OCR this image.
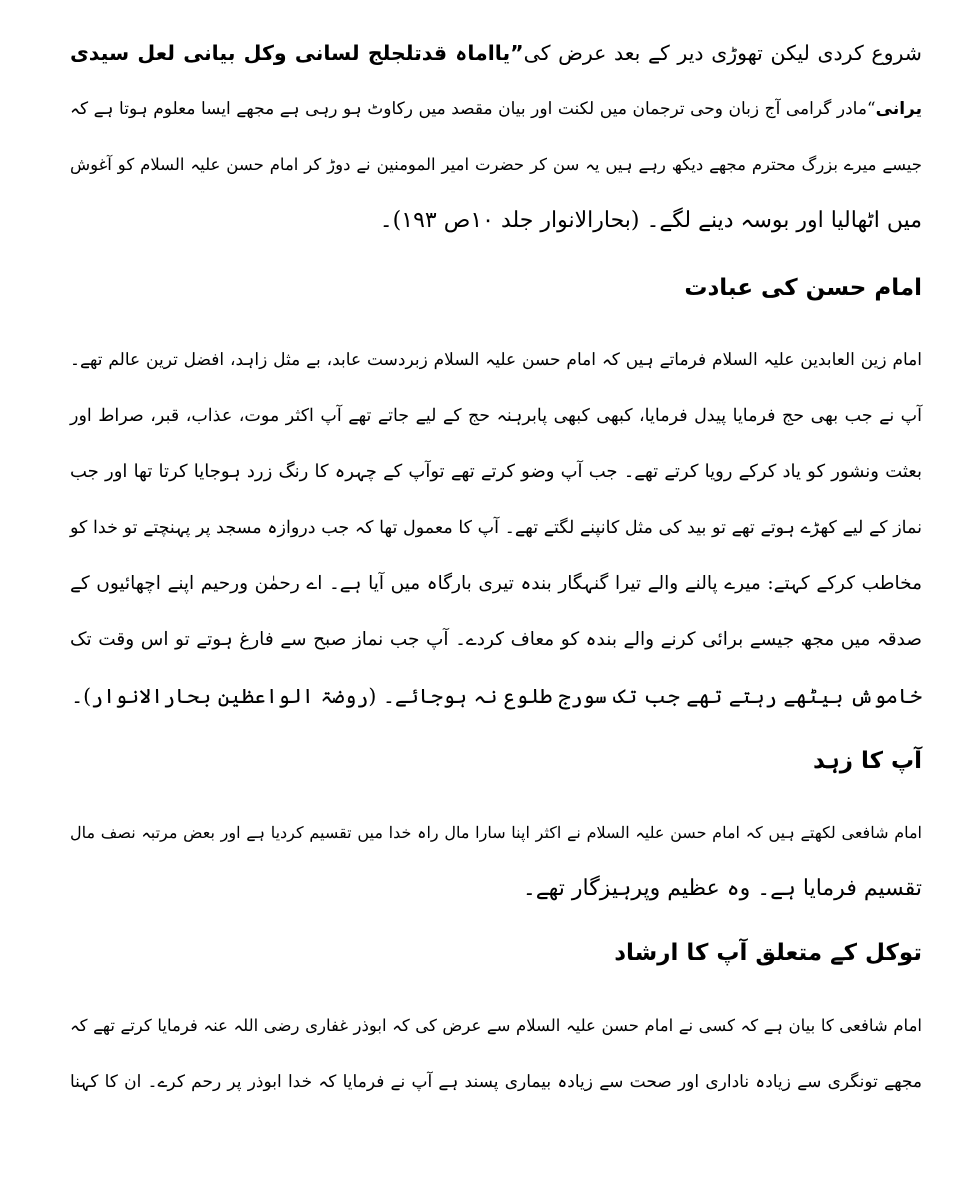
شروع کردی لیکن تھوڑی دیر کے بعد عرض کی”یااماہ قدتلجلج لسانی وکل بیانی لعل سیدی
یرانی“مادر گرامی آج زبان وحی ترجمان میں لکنت اور بیان مقصد میں رکاوٹ ہو رہی ہے مجھے ایسا معلوم ہوتا ہے کہ
جیسے میرے بزرگ محترم مجھے دیکھ رہے ہیں یہ سن کر حضرت امیر المومنین نے دوڑ کر امام حسن علیہ السلام کو آغوش
میں اٹھالیا اور بوسہ دینے لگے۔ (بحارالانوار جلد ۱۰ص ۱۹۳)۔
امام حسن کی عبادت
امام زین العابدین علیہ السلام فرماتے ہیں کہ امام حسن علیہ السلام زبردست عابد، بے مثل زاہد، افضل ترین عالم تھے۔
آپ نے جب بھی حج فرمایا پیدل فرمایا، کبھی کبھی پابرہنہ حج کے لیے جاتے تھے آپ اکثر موت، عذاب، قبر، صراط اور
بعثت ونشور کو یاد کرکے رویا کرتے تھے۔ جب آپ وضو کرتے تھے توآپ کے چہرہ کا رنگ زرد ہوجایا کرتا تھا اور جب
نماز کے لیے کھڑے ہوتے تھے تو بید کی مثل کانپنے لگتے تھے۔ آپ کا معمول تھا کہ جب دروازہ مسجد پر پہنچتے تو خدا کو
مخاطب کرکے کہتے: میرے پالنے والے تیرا گنہگار بندہ تیری بارگاہ میں آیا ہے۔ اے رحمٰن ورحیم اپنے اچھائیوں کے
صدقہ میں مجھ جیسے برائی کرنے والے بندہ کو معاف کردے۔ آپ جب نماز صبح سے فارغ ہوتے تو اس وقت تک
خاموش بیٹھے رہتے تھے جب تک سورج طلوع نہ ہوجائے۔ (روضۃ الواعظین بحارالانوار)۔
آپ کا زہد
امام شافعی لکھتے ہیں کہ امام حسن علیہ السلام نے اکثر اپنا سارا مال راہ خدا میں تقسیم کردیا ہے اور بعض مرتبہ نصف مال
تقسیم فرمایا ہے۔ وہ عظیم وپرہیزگار تھے۔
توکل کے متعلق آپ کا ارشاد
امام شافعی کا بیان ہے کہ کسی نے امام حسن علیہ السلام سے عرض کی کہ ابوذر غفاری رضی اللہ عنہ فرمایا کرتے تھے کہ
مجھے تونگری سے زیادہ ناداری اور صحت سے زیادہ بیماری پسند ہے آپ نے فرمایا کہ خدا ابوذر پر رحم کرے۔ ان کا کہنا
